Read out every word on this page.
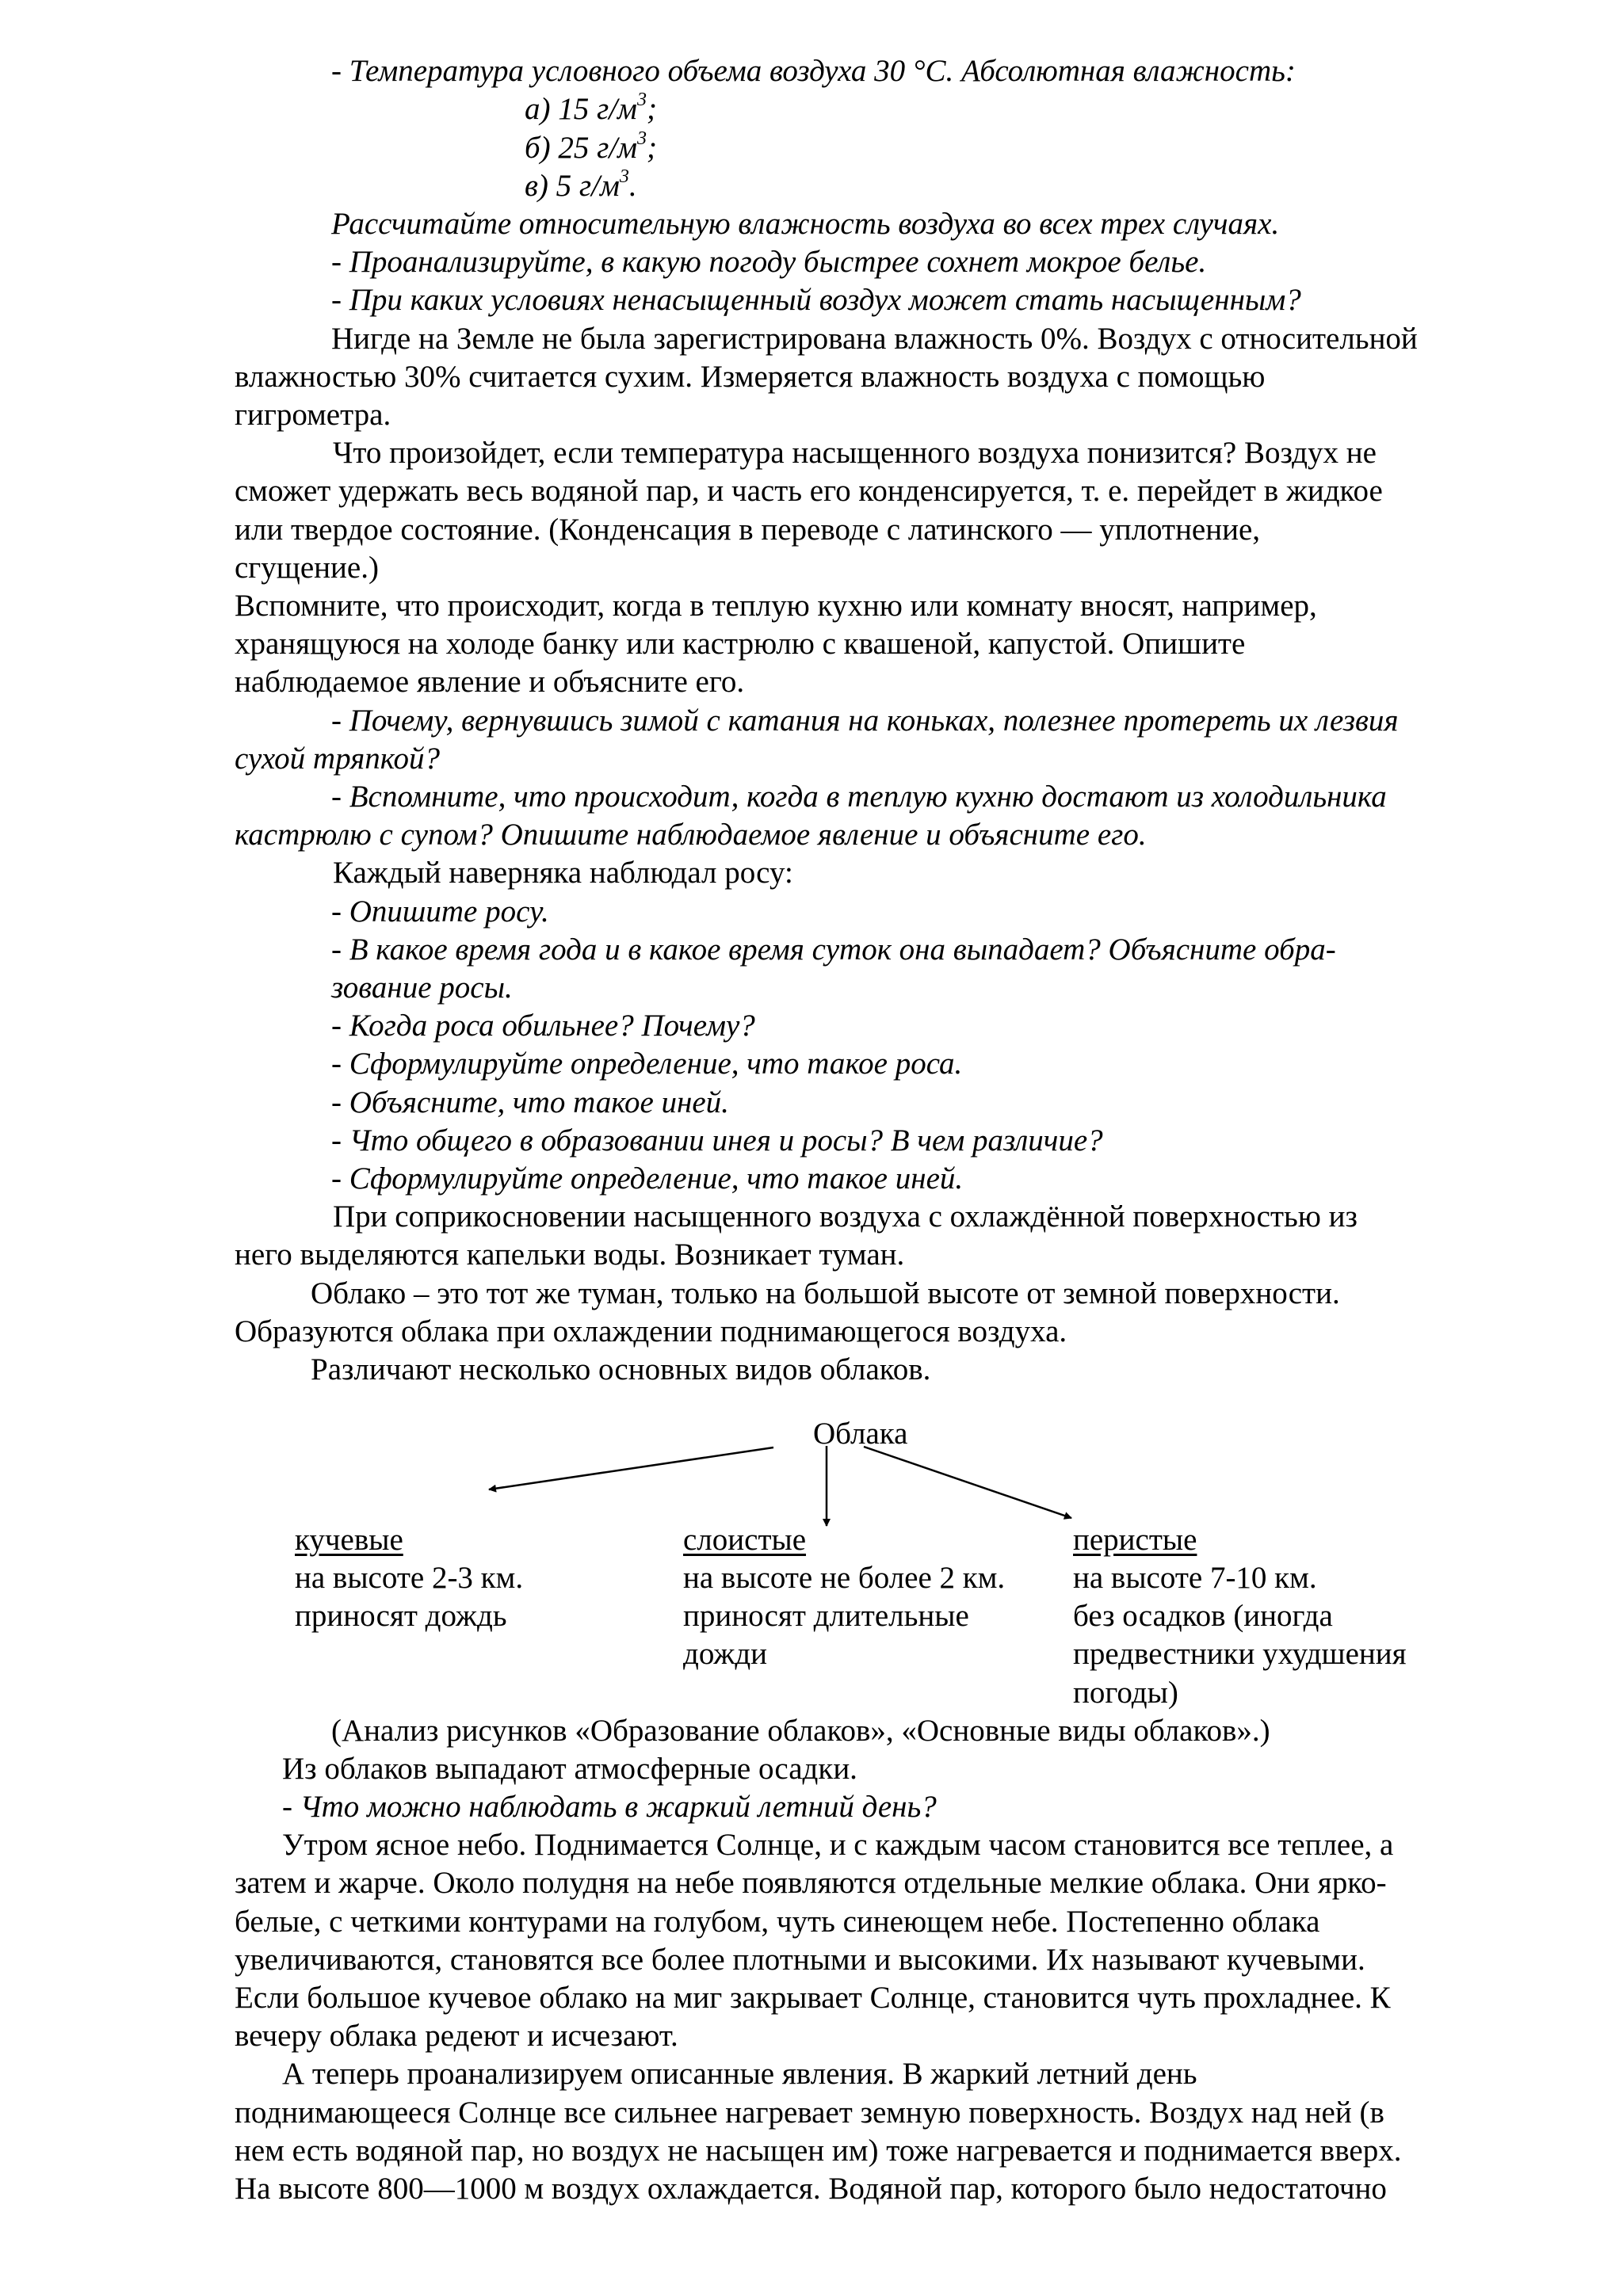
- Температура условного объема воздуха 30 °С. Абсолютная влажность:
а) 15 $г/м^3$;
б) 25 $г/м^3$;
в) 5 $г/м^3$.
Рассчитайте относительную влажность воздуха во всех трех случаях.
- Проанализируйте, в какую погоду быстрее сохнет мокрое белье.
- При каких условиях ненасыщенный воздух может стать насыщенным?
Нигде на Земле не была зарегистрирована влажность 0%. Воздух с относительной
влажностью 30% считается сухим. Измеряется влажность воздуха с помощью
гигрометра.
Что произойдет, если температура насыщенного воздуха понизится? Воздух не
сможет удержать весь водяной пар, и часть его конденсируется, т. е. перейдет в жидкое
или твердое состояние. (Конденсация в переводе с латинского — уплотнение,
сгущение.)
Вспомните, что происходит, когда в теплую кухню или комнату вносят, например,
хранящуюся на холоде банку или кастрюлю с квашеной, капустой. Опишите
наблюдаемое явление и объясните его.
- Почему, вернувшись зимой с катания на коньках, полезнее протереть их лезвия
сухой тряпкой?
- Вспомните, что происходит, когда в теплую кухню достают из холодильника
кастрюлю с супом? Опишите наблюдаемое явление и объясните его.
Каждый наверняка наблюдал росу:
- Опишите росу.
- В какое время года и в какое время суток она выпадает? Объясните обра-
зование росы.
- Когда роса обильнее? Почему?
- Сформулируйте определение, что такое роса.
- Объясните, что такое иней.
- Что общего в образовании инея и росы? В чем различие?
- Сформулируйте определение, что такое иней.
При соприкосновении насыщенного воздуха с охлаждённой поверхностью из
него выделяются капельки воды. Возникает туман.
Облако – это тот же туман, только на большой высоте от земной поверхности.
Образуются облака при охлаждении поднимающегося воздуха.
Различают несколько основных видов облаков.
Облака
кучевые
на высоте 2-3 км.
приносят дождь
слоистые
на высоте не более 2 км.
приносят длительные
дожди
перистые
на высоте 7-10 км.
без осадков (иногда
предвестники ухудшения
погоды)
(Анализ рисунков «Образование облаков», «Основные виды облаков».)
Из облаков выпадают атмосферные осадки.
- Что можно наблюдать в жаркий летний день?
Утром ясное небо. Поднимается Солнце, и с каждым часом становится все теплее, а
затем и жарче. Около полудня на небе появляются отдельные мелкие облака. Они ярко-
белые, с четкими контурами на голубом, чуть синеющем небе. Постепенно облака
увеличиваются, становятся все более плотными и высокими. Их называют кучевыми.
Если большое кучевое облако на миг закрывает Солнце, становится чуть прохладнее. К
вечеру облака редеют и исчезают.
А теперь проанализируем описанные явления. В жаркий летний день
поднимающееся Солнце все сильнее нагревает земную поверхность. Воздух над ней (в
нем есть водяной пар, но воздух не насыщен им) тоже нагревается и поднимается вверх.
На высоте 800—1000 м воздух охлаждается. Водяной пар, которого было недостаточно
